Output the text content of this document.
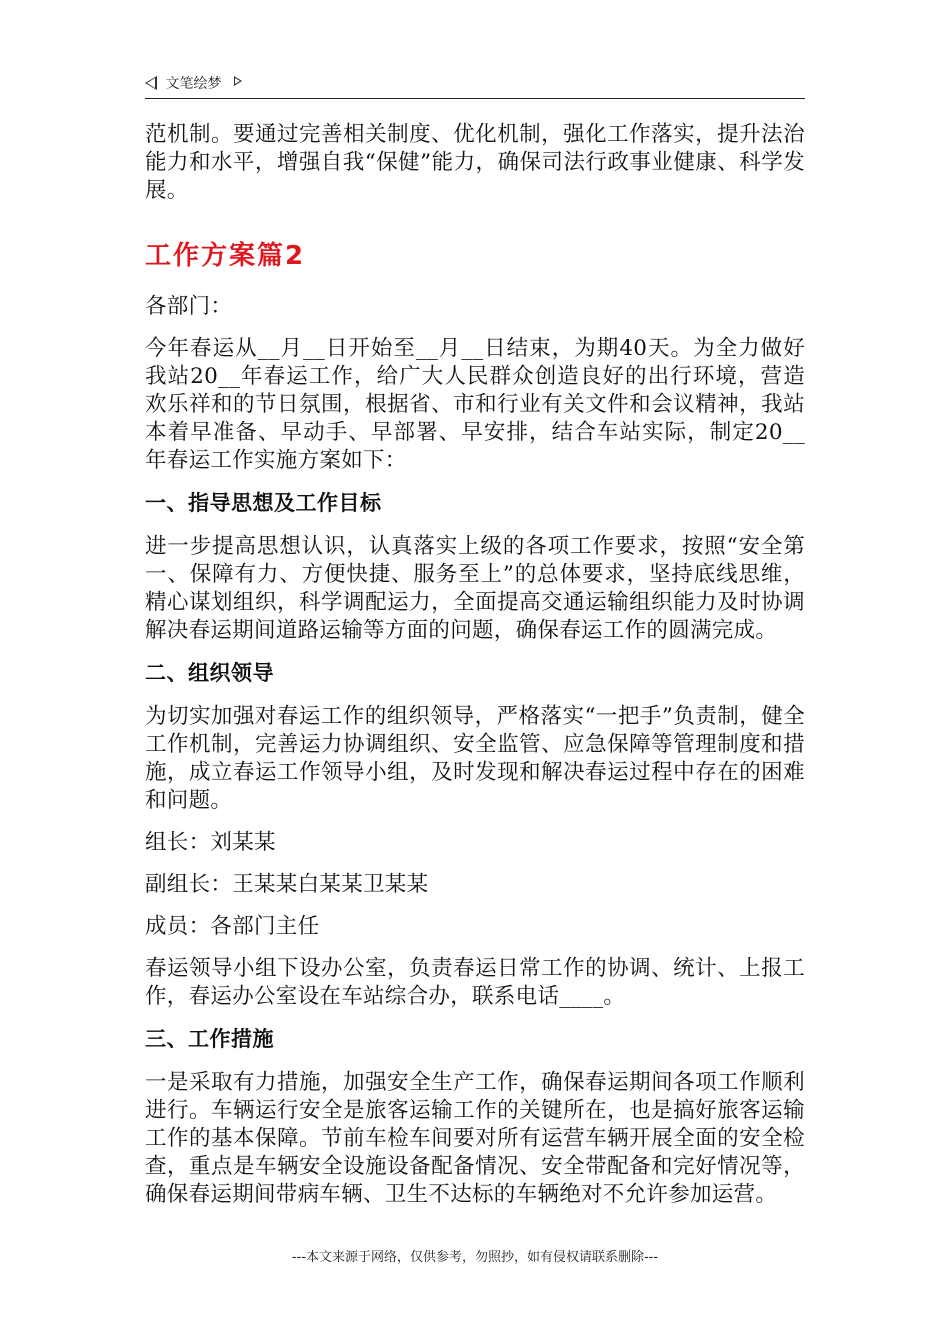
文笔绘梦

范机制。要通过完善相关制度、优化机制，强化工作落实，提升法治能力和水平，增强自我“保健”能力，确保司法行政事业健康、科学发展。

工作方案篇2

各部门：

今年春运从__月__日开始至__月__日结束，为期40天。为全力做好我站20__年春运工作，给广大人民群众创造良好的出行环境，营造欢乐祥和的节日氛围，根据省、市和行业有关文件和会议精神，我站本着早准备、早动手、早部署、早安排，结合车站实际，制定20__年春运工作实施方案如下：

一、指导思想及工作目标

进一步提高思想认识，认真落实上级的各项工作要求，按照“安全第一、保障有力、方便快捷、服务至上”的总体要求，坚持底线思维，精心谋划组织，科学调配运力，全面提高交通运输组织能力及时协调解决春运期间道路运输等方面的问题，确保春运工作的圆满完成。

二、组织领导

为切实加强对春运工作的组织领导，严格落实“一把手”负责制，健全工作机制，完善运力协调组织、安全监管、应急保障等管理制度和措施，成立春运工作领导小组，及时发现和解决春运过程中存在的困难和问题。

组长：刘某某

副组长：王某某白某某卫某某

成员：各部门主任

春运领导小组下设办公室，负责春运日常工作的协调、统计、上报工作，春运办公室设在车站综合办，联系电话____。

三、工作措施

一是采取有力措施，加强安全生产工作，确保春运期间各项工作顺利进行。车辆运行安全是旅客运输工作的关键所在，也是搞好旅客运输工作的基本保障。节前车检车间要对所有运营车辆开展全面的安全检查，重点是车辆安全设施设备配备情况、安全带配备和完好情况等，确保春运期间带病车辆、卫生不达标的车辆绝对不允许参加运营。

---本文来源于网络，仅供参考，勿照抄，如有侵权请联系删除---
